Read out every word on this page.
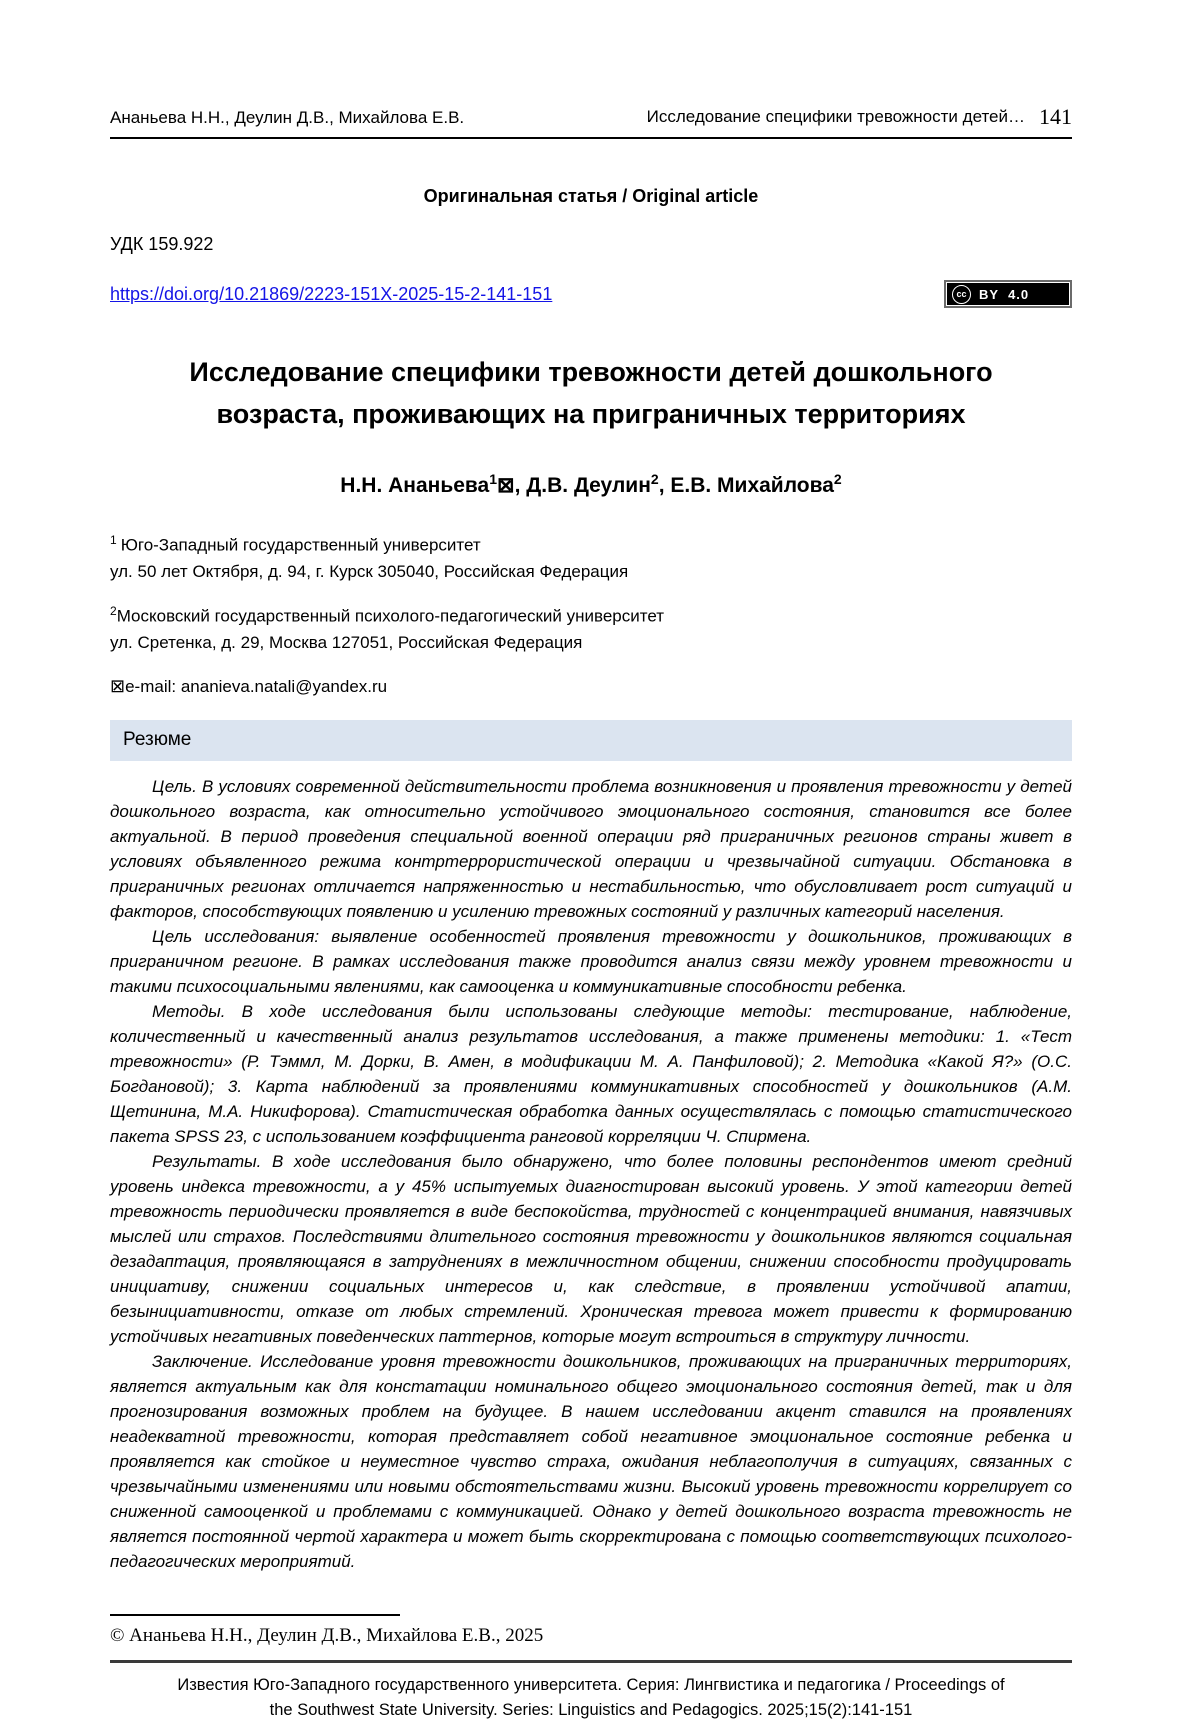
Ананьева Н.Н., Деулин Д.В., Михайлова Е.В.	Исследование специфики тревожности детей… 141
Оригинальная статья / Original article
УДК 159.922
https://doi.org/10.21869/2223-151X-2025-15-2-141-151	cc BY 4.0
Исследование специфики тревожности детей дошкольного возраста, проживающих на приграничных территориях
Н.Н. Ананьева$^1$⊠, Д.В. Деулин$^2$, Е.В. Михайлова$^2$
$^1$ Юго-Западный государственный университет
ул. 50 лет Октября, д. 94, г. Курск 305040, Российская Федерация
$^2$Московский государственный психолого-педагогический университет
ул. Сретенка, д. 29, Москва 127051, Российская Федерация
⊠e-mail: ananieva.natali@yandex.ru
Резюме

Цель. В условиях современной действительности проблема возникновения и проявления тревожности у детей дошкольного возраста, как относительно устойчивого эмоционального состояния, становится все более актуальной. В период проведения специальной военной операции ряд приграничных регионов страны живет в условиях объявленного режима контртеррористической операции и чрезвычайной ситуации. Обстановка в приграничных регионах отличается напряженностью и нестабильностью, что обусловливает рост ситуаций и факторов, способствующих появлению и усилению тревожных состояний у различных категорий населения.

Цель исследования: выявление особенностей проявления тревожности у дошкольников, проживающих в приграничном регионе. В рамках исследования также проводится анализ связи между уровнем тревожности и такими психосоциальными явлениями, как самооценка и коммуникативные способности ребенка.

Методы. В ходе исследования были использованы следующие методы: тестирование, наблюдение, количественный и качественный анализ результатов исследования, а также применены методики: 1. «Тест тревожности» (Р. Тэммл, М. Дорки, В. Амен, в модификации М. А. Панфиловой); 2. Методика «Какой Я?» (О.С. Богдановой); 3. Карта наблюдений за проявлениями коммуникативных способностей у дошкольников (А.М. Щетинина, М.А. Никифорова). Статистическая обработка данных осуществлялась с помощью статистического пакета SPSS 23, с использованием коэффициента ранговой корреляции Ч. Спирмена.

Результаты. В ходе исследования было обнаружено, что более половины респондентов имеют средний уровень индекса тревожности, а у 45% испытуемых диагностирован высокий уровень. У этой категории детей тревожность периодически проявляется в виде беспокойства, трудностей с концентрацией внимания, навязчивых мыслей или страхов. Последствиями длительного состояния тревожности у дошкольников являются социальная дезадаптация, проявляющаяся в затруднениях в межличностном общении, снижении способности продуцировать инициативу, снижении социальных интересов и, как следствие, в проявлении устойчивой апатии, безынициативности, отказе от любых стремлений. Хроническая тревога может привести к формированию устойчивых негативных поведенческих паттернов, которые могут встроиться в структуру личности.

Заключение. Исследование уровня тревожности дошкольников, проживающих на приграничных территориях, является актуальным как для констатации номинального общего эмоционального состояния детей, так и для прогнозирования возможных проблем на будущее. В нашем исследовании акцент ставился на проявлениях неадекватной тревожности, которая представляет собой негативное эмоциональное состояние ребенка и проявляется как стойкое и неуместное чувство страха, ожидания неблагополучия в ситуациях, связанных с чрезвычайными изменениями или новыми обстоятельствами жизни. Высокий уровень тревожности коррелирует со сниженной самооценкой и проблемами с коммуникацией. Однако у детей дошкольного возраста тревожность не является постоянной чертой характера и может быть скорректирована с помощью соответствующих психолого-педагогических мероприятий.

© Ананьева Н.Н., Деулин Д.В., Михайлова Е.В., 2025
Известия Юго-Западного государственного университета. Серия: Лингвистика и педагогика / Proceedings of
the Southwest State University. Series: Linguistics and Pedagogics. 2025;15(2):141-151
